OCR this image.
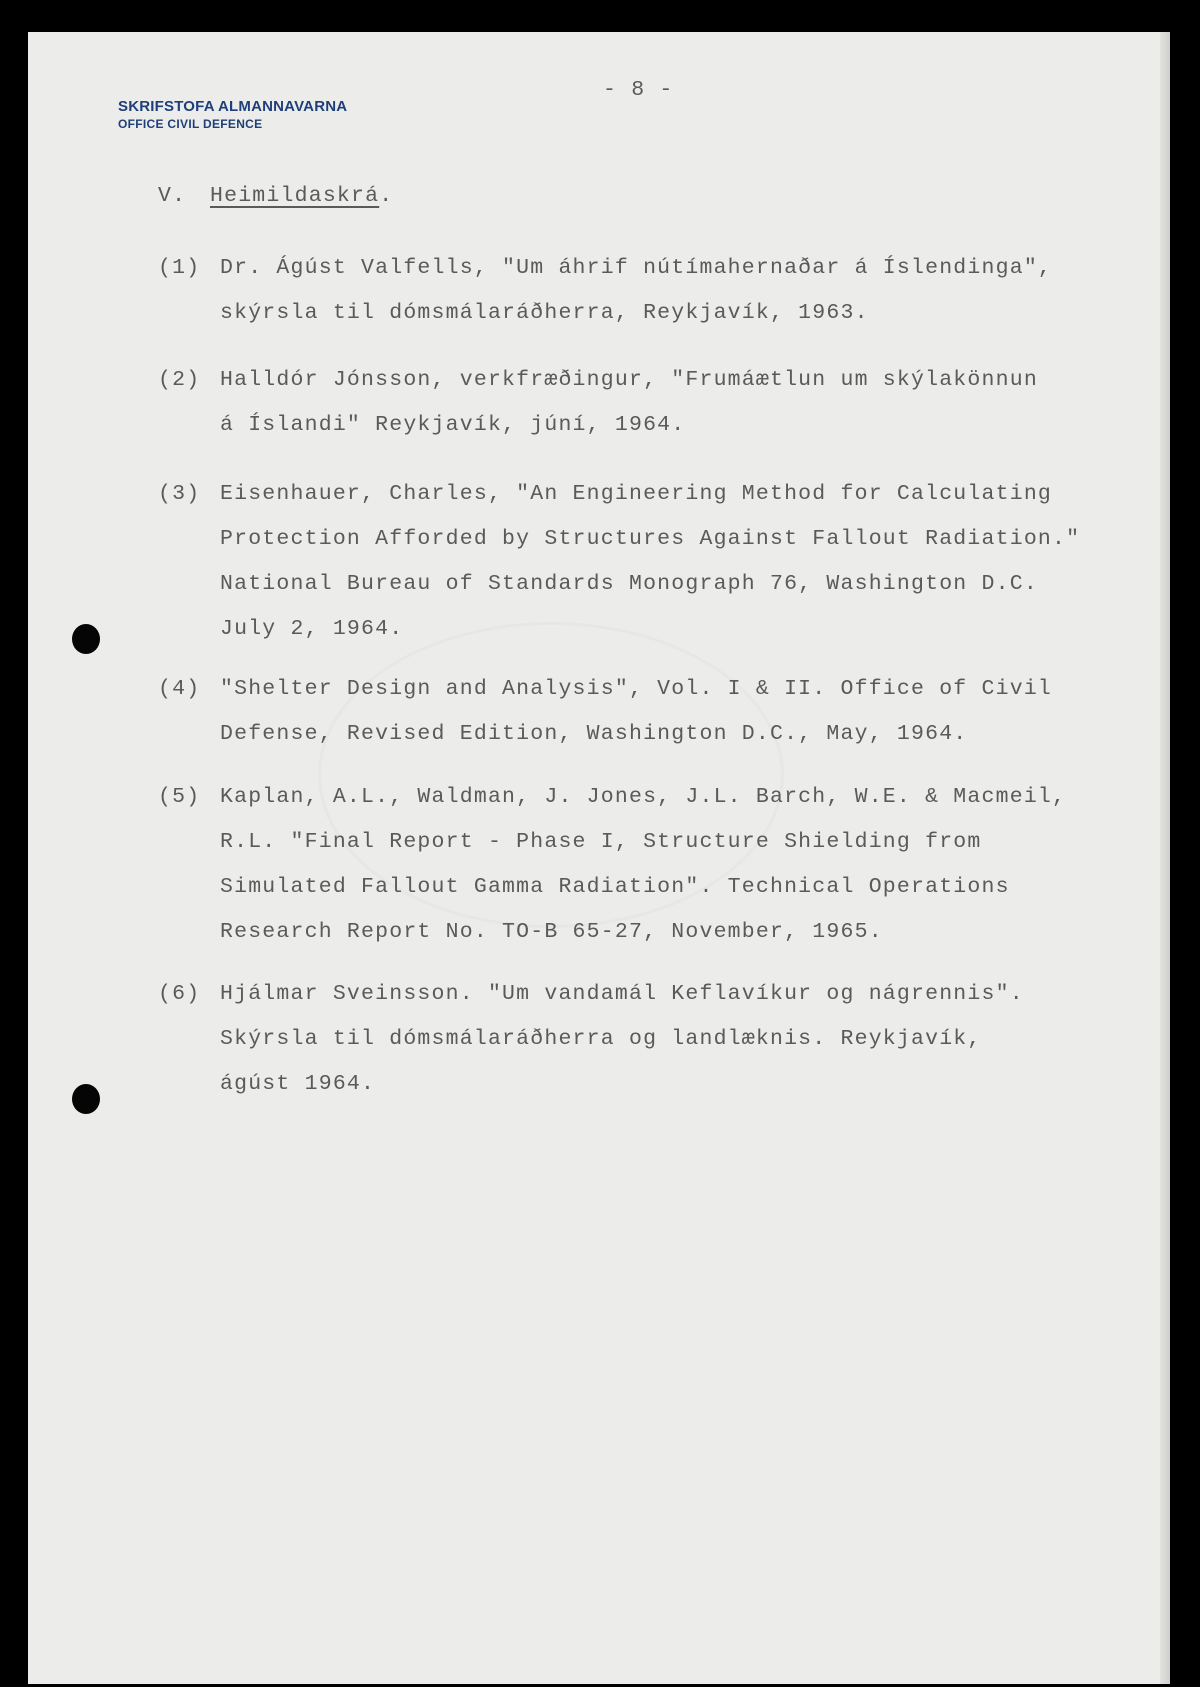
SKRIFSTOFA ALMANNAVARNA
OFFICE CIVIL DEFENCE
- 8 -
V. Heimildaskrá.
(1) Dr. Ágúst Valfells, "Um áhrif nútímahernaðar á Íslendinga",
skýrsla til dómsmálaráðherra, Reykjavík, 1963.
(2) Halldór Jónsson, verkfræðingur, "Frumáætlun um skýlakönnun
á Íslandi" Reykjavík, júní, 1964.
(3) Eisenhauer, Charles, "An Engineering Method for Calculating
Protection Afforded by Structures Against Fallout Radiation."
National Bureau of Standards Monograph 76, Washington D.C.
July 2, 1964.
(4) "Shelter Design and Analysis", Vol. I & II. Office of Civil
Defense, Revised Edition, Washington D.C., May, 1964.
(5) Kaplan, A.L., Waldman, J. Jones, J.L. Barch, W.E. & Macmeil,
R.L. "Final Report - Phase I, Structure Shielding from
Simulated Fallout Gamma Radiation". Technical Operations
Research Report No. TO-B 65-27, November, 1965.
(6) Hjálmar Sveinsson. "Um vandamál Keflavíkur og nágrennis".
Skýrsla til dómsmálaráðherra og landlæknis. Reykjavík,
ágúst 1964.
